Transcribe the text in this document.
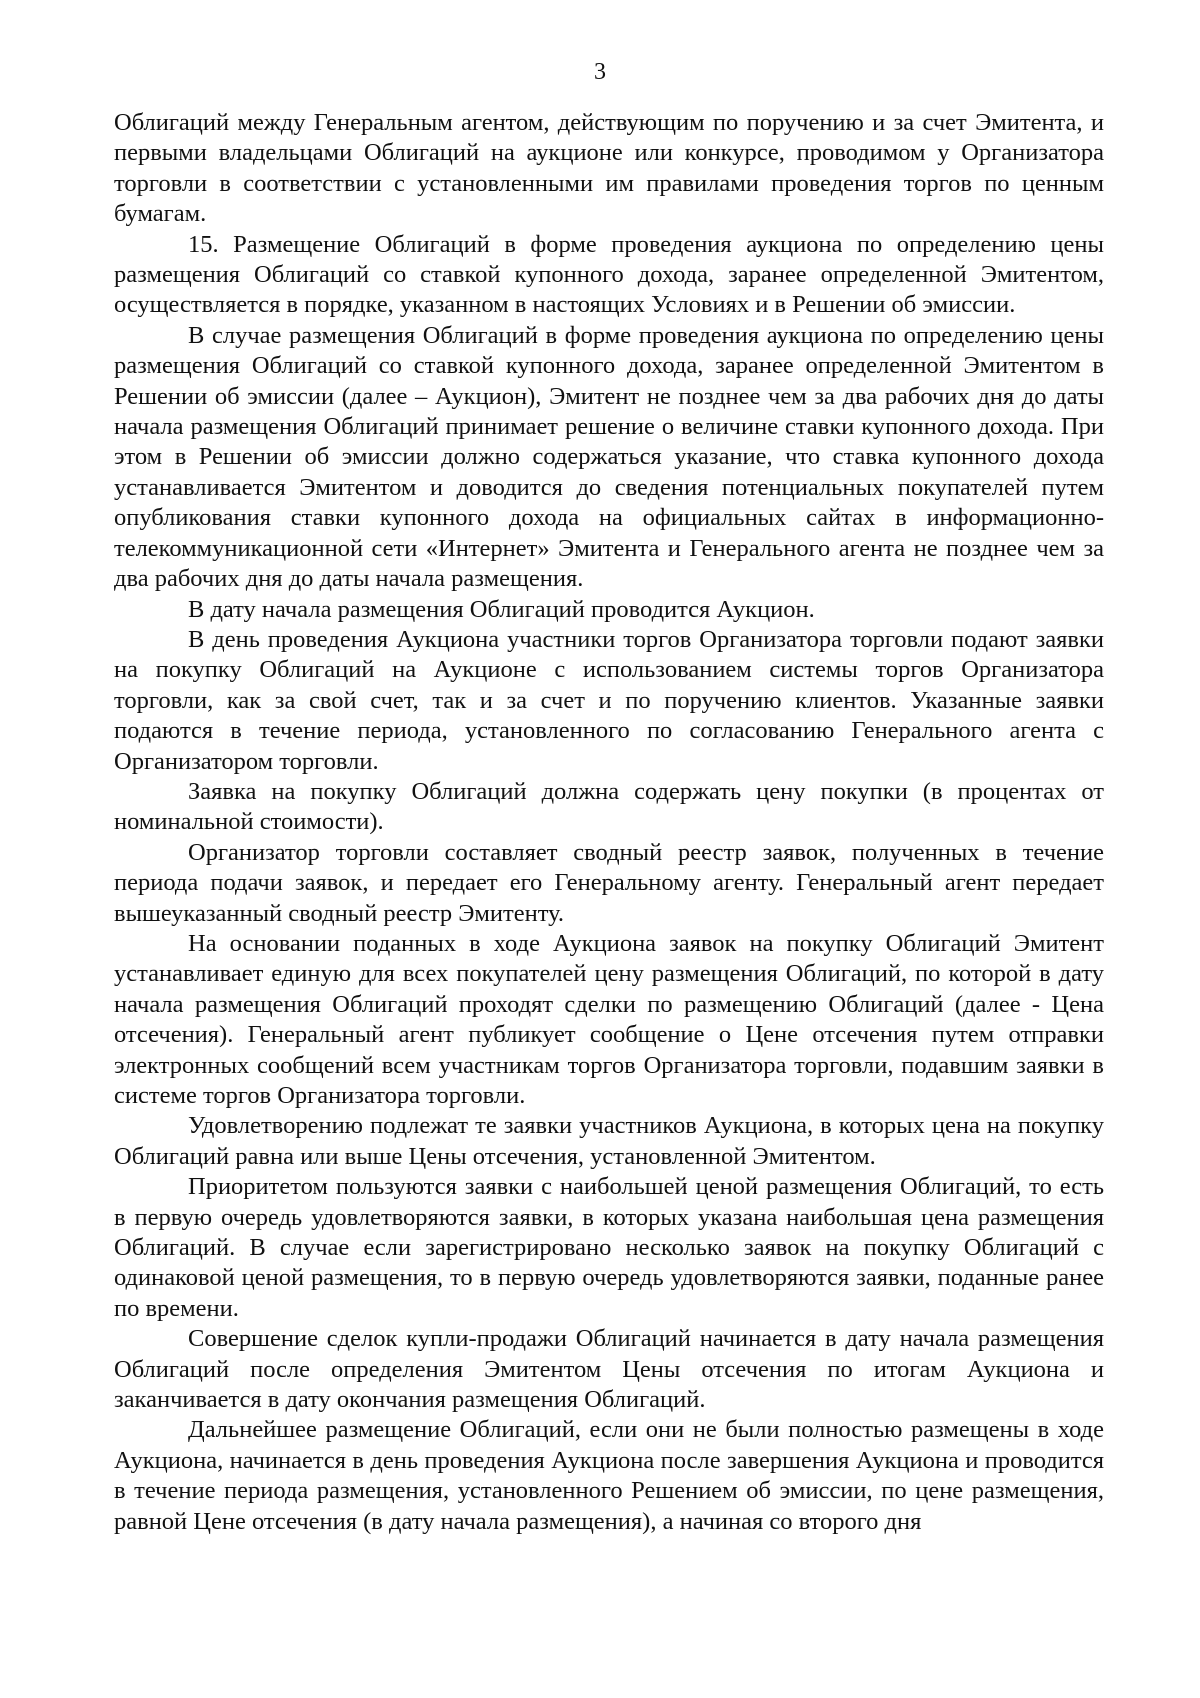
3

Облигаций между Генеральным агентом, действующим по поручению и за счет Эмитента, и первыми владельцами Облигаций на аукционе или конкурсе, проводимом у Организатора торговли в соответствии с установленными им правилами проведения торгов по ценным бумагам.

15. Размещение Облигаций в форме проведения аукциона по определению цены размещения Облигаций со ставкой купонного дохода, заранее определенной Эмитентом, осуществляется в порядке, указанном в настоящих Условиях и в Решении об эмиссии.

В случае размещения Облигаций в форме проведения аукциона по определению цены размещения Облигаций со ставкой купонного дохода, заранее определенной Эмитентом в Решении об эмиссии (далее – Аукцион), Эмитент не позднее чем за два рабочих дня до даты начала размещения Облигаций принимает решение о величине ставки купонного дохода. При этом в Решении об эмиссии должно содержаться указание, что ставка купонного дохода устанавливается Эмитентом и доводится до сведения потенциальных покупателей путем опубликования ставки купонного дохода на официальных сайтах в информационно-телекоммуникационной сети «Интернет» Эмитента и Генерального агента не позднее чем за два рабочих дня до даты начала размещения.

В дату начала размещения Облигаций проводится Аукцион.

В день проведения Аукциона участники торгов Организатора торговли подают заявки на покупку Облигаций на Аукционе с использованием системы торгов Организатора торговли, как за свой счет, так и за счет и по поручению клиентов. Указанные заявки подаются в течение периода, установленного по согласованию Генерального агента с Организатором торговли.

Заявка на покупку Облигаций должна содержать цену покупки (в процентах от номинальной стоимости).

Организатор торговли составляет сводный реестр заявок, полученных в течение периода подачи заявок, и передает его Генеральному агенту. Генеральный агент передает вышеуказанный сводный реестр Эмитенту.

На основании поданных в ходе Аукциона заявок на покупку Облигаций Эмитент устанавливает единую для всех покупателей цену размещения Облигаций, по которой в дату начала размещения Облигаций проходят сделки по размещению Облигаций (далее - Цена отсечения). Генеральный агент публикует сообщение о Цене отсечения путем отправки электронных сообщений всем участникам торгов Организатора торговли, подавшим заявки в системе торгов Организатора торговли.

Удовлетворению подлежат те заявки участников Аукциона, в которых цена на покупку Облигаций равна или выше Цены отсечения, установленной Эмитентом.

Приоритетом пользуются заявки с наибольшей ценой размещения Облигаций, то есть в первую очередь удовлетворяются заявки, в которых указана наибольшая цена размещения Облигаций. В случае если зарегистрировано несколько заявок на покупку Облигаций с одинаковой ценой размещения, то в первую очередь удовлетворяются заявки, поданные ранее по времени.

Совершение сделок купли-продажи Облигаций начинается в дату начала размещения Облигаций после определения Эмитентом Цены отсечения по итогам Аукциона и заканчивается в дату окончания размещения Облигаций.

Дальнейшее размещение Облигаций, если они не были полностью размещены в ходе Аукциона, начинается в день проведения Аукциона после завершения Аукциона и проводится в течение периода размещения, установленного Решением об эмиссии, по цене размещения, равной Цене отсечения (в дату начала размещения), а начиная со второго дня
